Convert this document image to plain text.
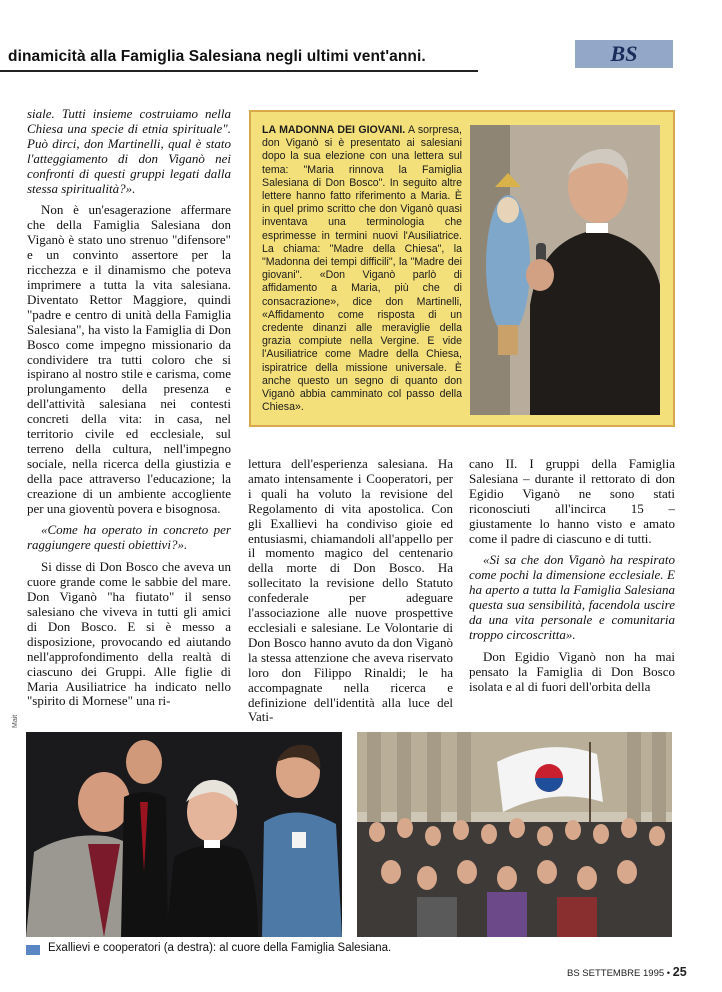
dinamicità alla Famiglia Salesiana negli ultimi vent'anni.	BS

siale. Tutti insieme costruiamo nella Chiesa una specie di etnia spirituale". Può dirci, don Martinelli, qual è stato l'atteggiamento di don Viganò nei confronti di questi gruppi legati dalla stessa spiritualità?».

Non è un'esagerazione affermare che della Famiglia Salesiana don Viganò è stato uno strenuo "difensore" e un convinto assertore per la ricchezza e il dinamismo che poteva imprimere a tutta la vita salesiana. Diventato Rettor Maggiore, quindi "padre e centro di unità della Famiglia Salesiana", ha visto la Famiglia di Don Bosco come impegno missionario da condividere tra tutti coloro che si ispirano al nostro stile e carisma, come prolungamento della presenza e dell'attività salesiana nei contesti concreti della vita: in casa, nel territorio civile ed ecclesiale, sul terreno della cultura, nell'impegno sociale, nella ricerca della giustizia e della pace attraverso l'educazione; la creazione di un ambiente accogliente per una gioventù povera e bisognosa.

«Come ha operato in concreto per raggiungere questi obiettivi?».

Si disse di Don Bosco che aveva un cuore grande come le sabbie del mare. Don Viganò "ha fiutato" il senso salesiano che viveva in tutti gli amici di Don Bosco. E si è messo a disposizione, provocando ed aiutando nell'approfondimento della realtà di ciascuno dei Gruppi. Alle figlie di Maria Ausiliatrice ha indicato nello "spirito di Mornese" una ri-

lettura dell'esperienza salesiana. Ha amato intensamente i Cooperatori, per i quali ha voluto la revisione del Regolamento di vita apostolica. Con gli Exallievi ha condiviso gioie ed entusiasmi, chiamandoli all'appello per il momento magico del centenario della morte di Don Bosco. Ha sollecitato la revisione dello Statuto confederale per adeguare l'associazione alle nuove prospettive ecclesiali e salesiane. Le Volontarie di Don Bosco hanno avuto da don Viganò la stessa attenzione che aveva riservato loro don Filippo Rinaldi; le ha accompagnate nella ricerca e definizione dell'identità alla luce del Vati-

cano II. I gruppi della Famiglia Salesiana – durante il rettorato di don Egidio Viganò ne sono stati riconosciuti all'incirca 15 – giustamente lo hanno visto e amato come il padre di ciascuno e di tutti.

«Si sa che don Viganò ha respirato come pochi la dimensione ecclesiale. E ha aperto a tutta la Famiglia Salesiana questa sua sensibilità, facendola uscire da una vita personale e comunitaria troppo circoscritta».

Don Egidio Viganò non ha mai pensato la Famiglia di Don Bosco isolata e al di fuori dell'orbita della

LA MADONNA DEI GIOVANI. A sorpresa, don Viganò si è presentato ai salesiani dopo la sua elezione con una lettera sul tema: "Maria rinnova la Famiglia Salesiana di Don Bosco". In seguito altre lettere hanno fatto riferimento a Maria. È in quel primo scritto che don Viganò quasi inventava una terminologia che esprimesse in termini nuovi l'Ausiliatrice. La chiama: "Madre della Chiesa", la "Madonna dei tempi difficili", la "Madre dei giovani". «Don Viganò parlò di affidamento a Maria, più che di consacrazione», dice don Martinelli, «Affidamento come risposta di un credente dinanzi alle meraviglie della grazia compiute nella Vergine. E vide l'Ausiliatrice come Madre della Chiesa, ispiratrice della missione universale. È anche questo un segno di quanto don Viganò abbia camminato col passo della Chiesa».
Mait
Exallievi e cooperatori (a destra): al cuore della Famiglia Salesiana.
BS SETTEMBRE 1995 • 25
